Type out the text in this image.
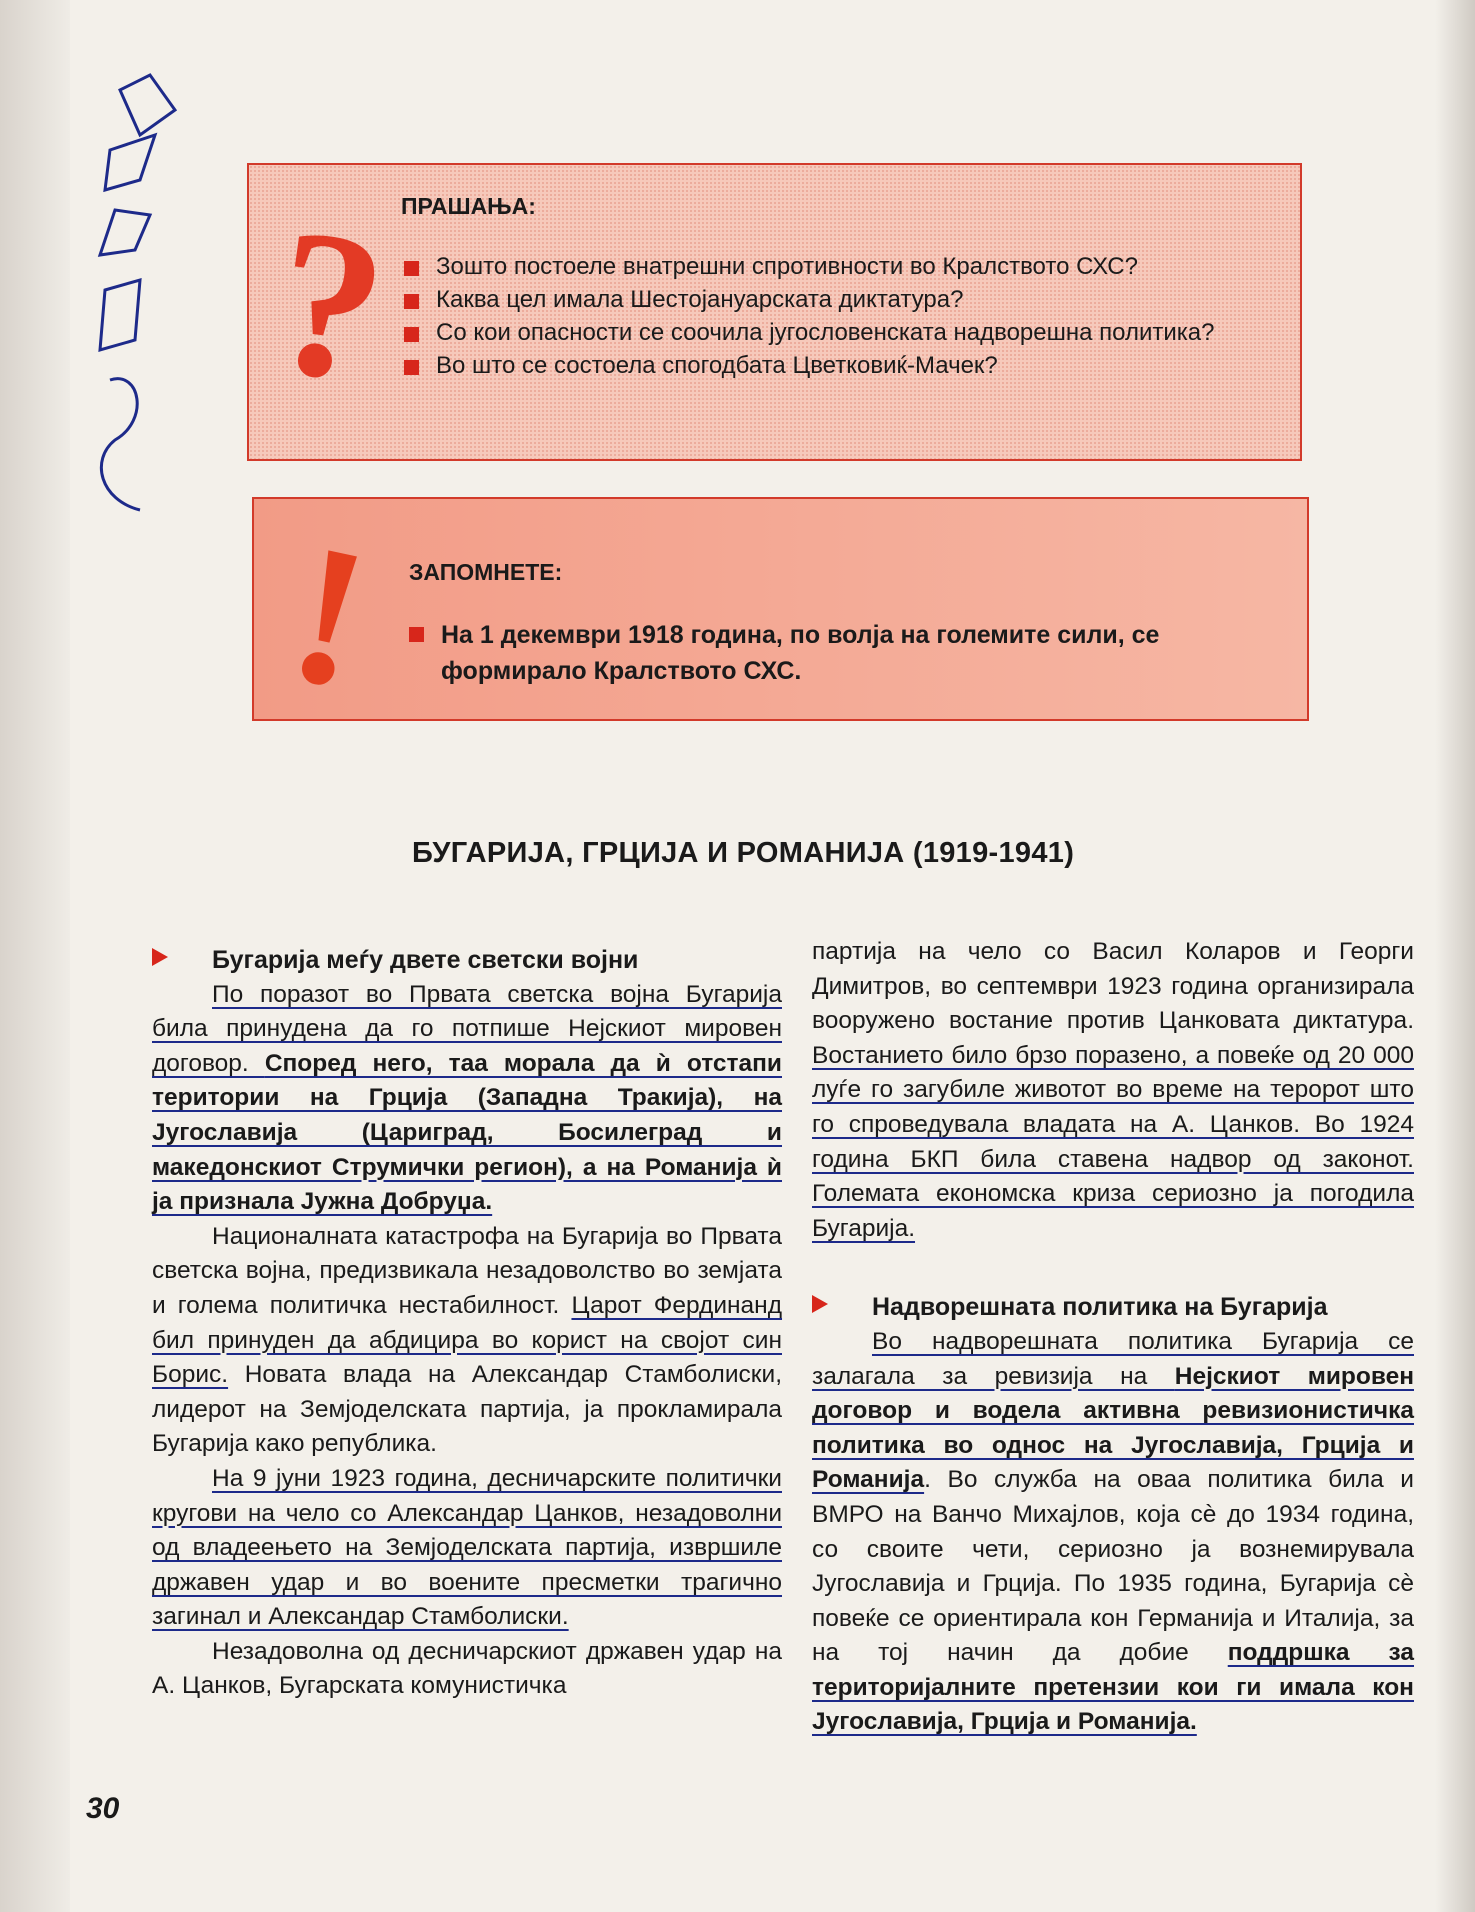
? ПРАШАЊА:
Зошто постоеле внатрешни спротивности во Кралството СХС?
Каква цел имала Шестојануарската диктатура?
Со кои опасности се соочила југословенската надворешна политика?
Во што се состоела спогодбата Цветковиќ-Мачек?
! ЗАПОМНЕТЕ:
На 1 декември 1918 година, по волја на големите сили, се формирало Кралството СХС.
БУГАРИЈА, ГРЦИЈА И РОМАНИЈА (1919-1941)

Бугарија меѓу двете светски војни

По поразот во Првата светска војна Бугарија била принудена да го потпише Нејскиот мировен договор. Според него, таа морала да ѝ отстапи територии на Грција (Западна Тракија), на Југославија (Цариград, Босилеград и македонскиот Струмички регион), а на Романија ѝ ја признала Јужна Добруџа.

Националната катастрофа на Бугарија во Првата светска војна, предизвикала незадоволство во земјата и голема политичка нестабилност. Царот Фердинанд бил принуден да абдицира во корист на својот син Борис. Новата влада на Александар Стамболиски, лидерот на Земјоделската партија, ја прокламирала Бугарија како република.

На 9 јуни 1923 година, десничарските политички кругови на чело со Александар Цанков, незадоволни од владеењето на Земјоделската партија, извршиле државен удар и во воените пресметки трагично загинал и Александар Стамболиски.

Незадоволна од десничарскиот државен удар на А. Цанков, Бугарската комунистичка

партија на чело со Васил Коларов и Георги Димитров, во септември 1923 година организирала вооружено востание против Цанковата диктатура. Востанието било брзо поразено, а повеќе од 20 000 луѓе го загубиле животот во време на теророт што го спроведувала владата на А. Цанков. Во 1924 година БКП била ставена надвор од законот. Големата економска криза сериозно ја погодила Бугарија.

Надворешната политика на Бугарија

Во надворешната политика Бугарија се залагала за ревизија на Нејскиот мировен договор и водела активна ревизионистичка политика во однос на Југославија, Грција и Романија. Во служба на оваа политика била и ВМРО на Ванчо Михајлов, која сѐ до 1934 година, со своите чети, сериозно ја вознемирувала Југославија и Грција. По 1935 година, Бугарија сѐ повеќе се ориентирала кон Германија и Италија, за на тој начин да добие поддршка за територијалните претензии кои ги имала кон Југославија, Грција и Романија.

30
